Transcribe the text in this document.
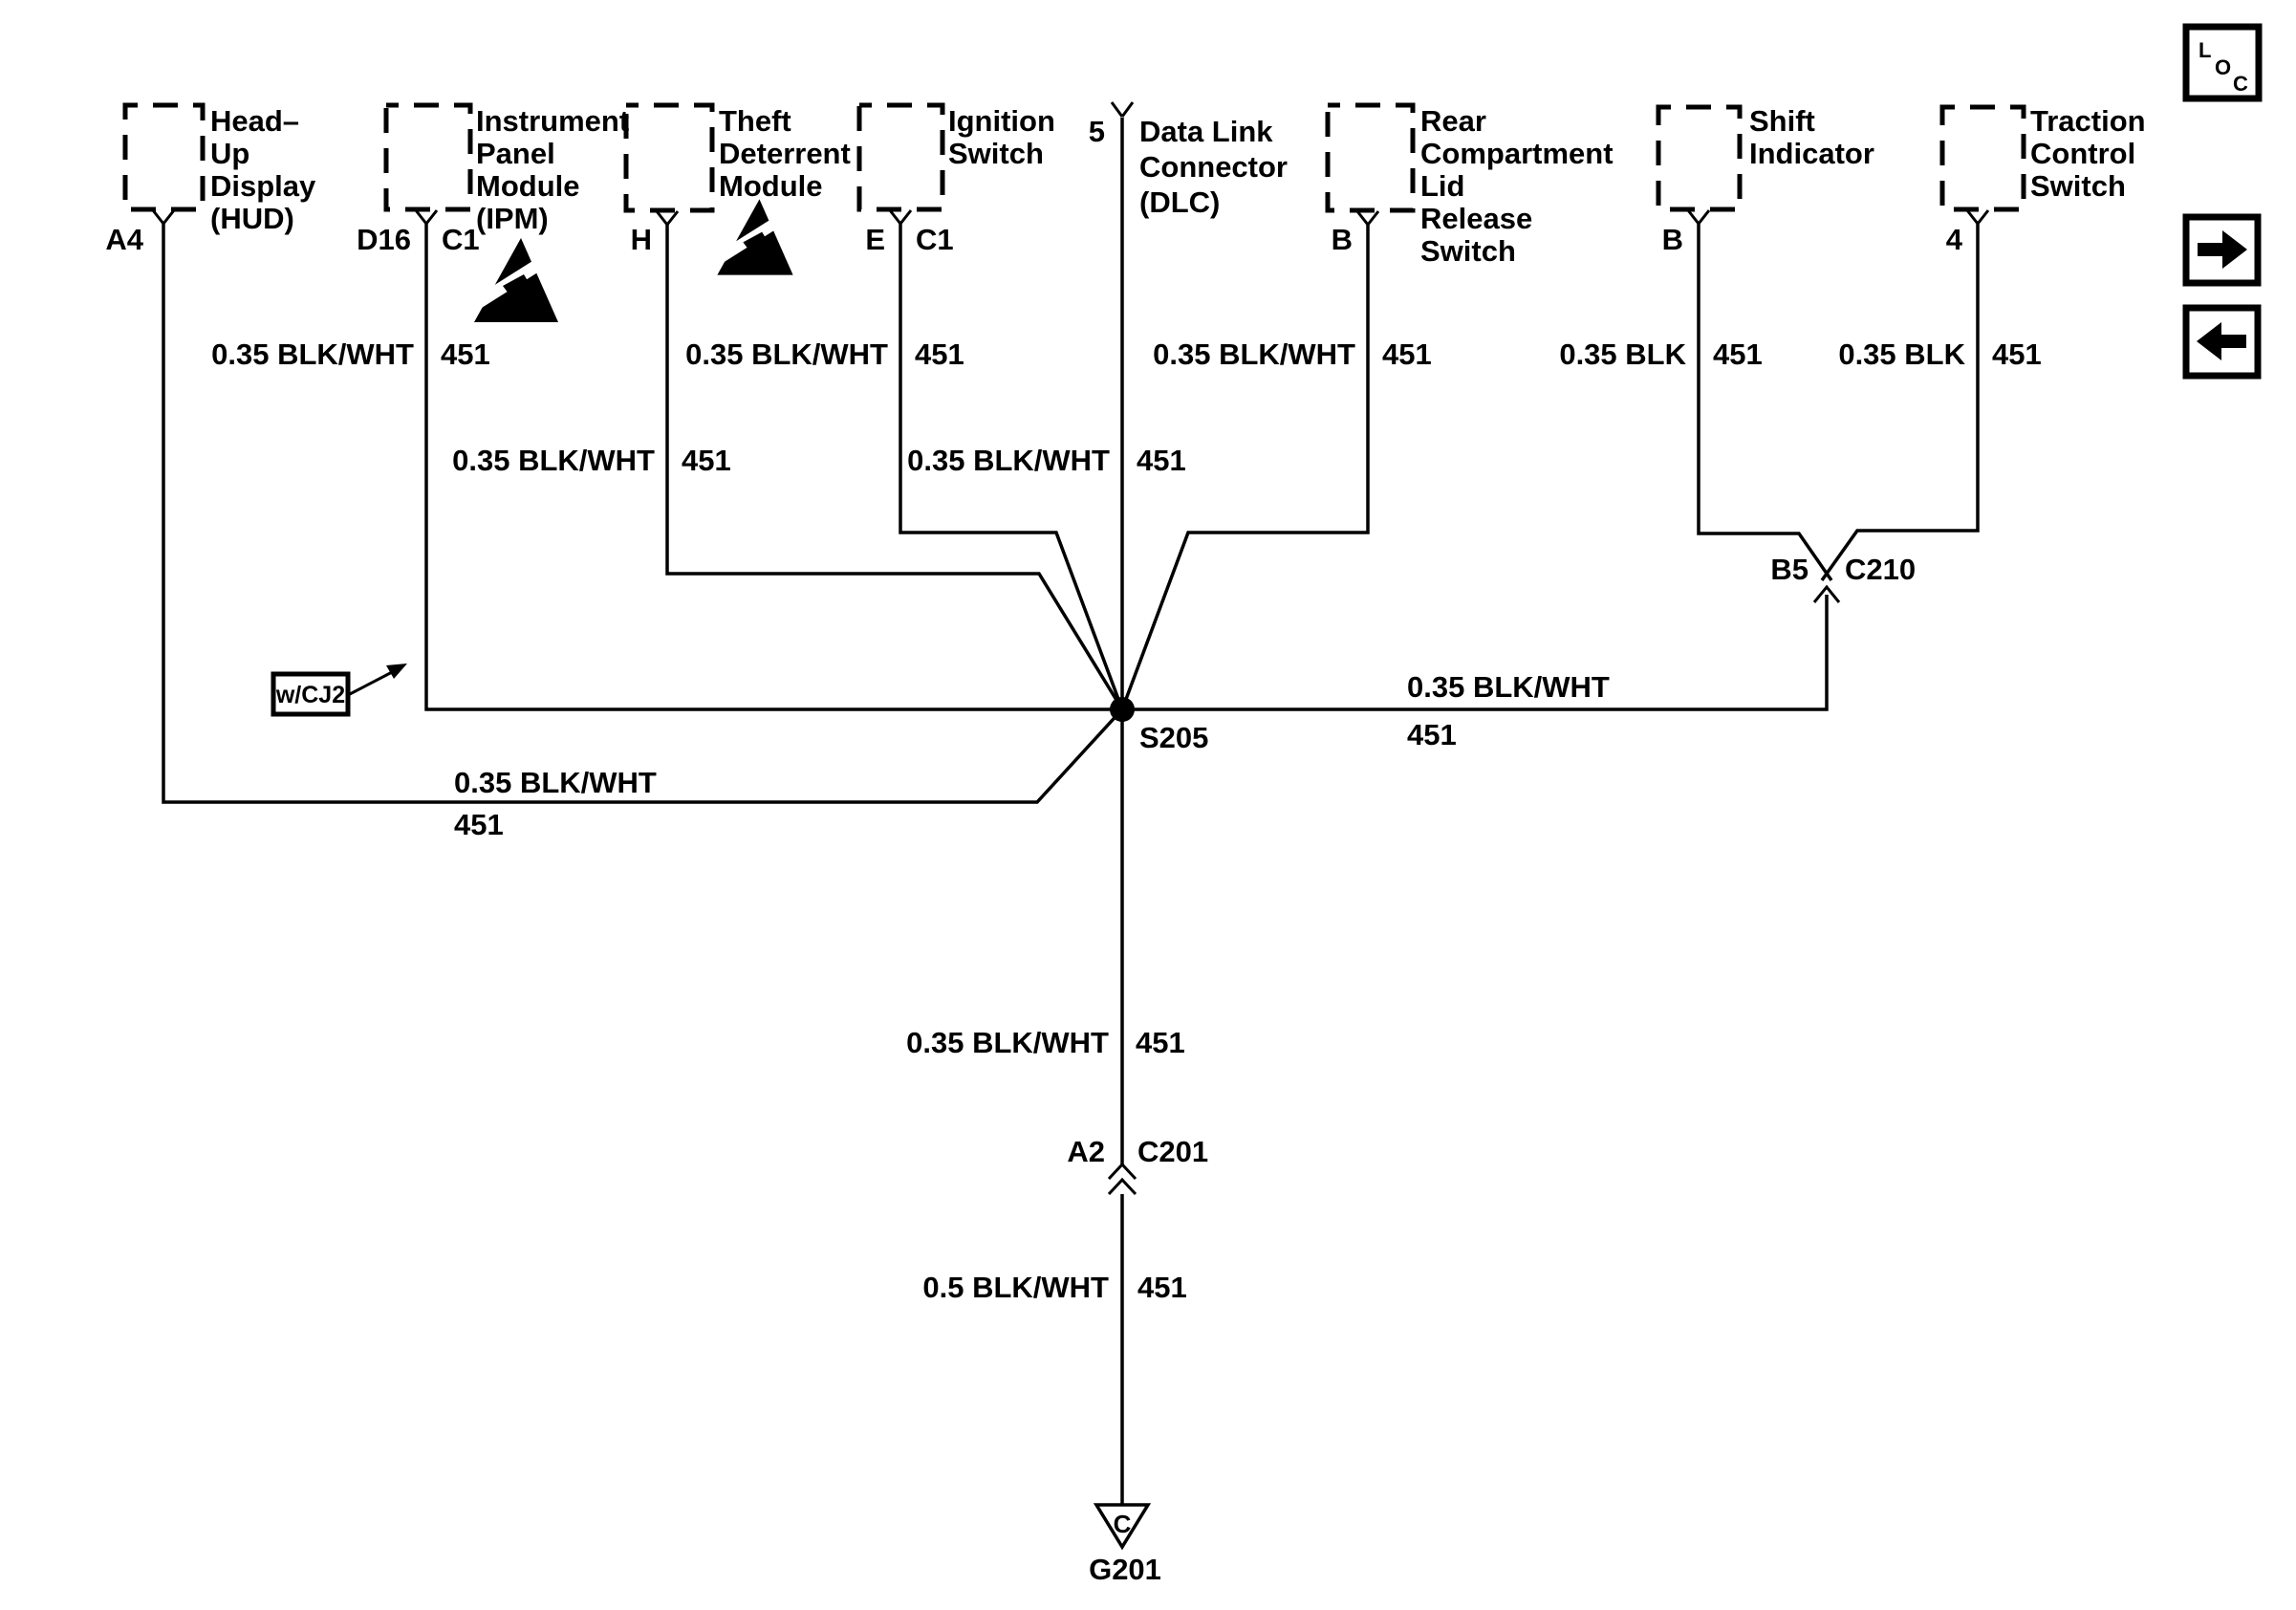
C
G201
Head–
Up
Display
(HUD)
Instrument
Panel
Module
(IPM)
Theft
Deterrent
Module
Ignition
Switch
Data Link
Connector
(DLC)
Rear
Compartment
Lid
Release
Switch
Shift
Indicator
Traction
Control
Switch
A4	D16 C1	H	E C1
5
B	B	4
0.35 BLK/WHT 451	0.35 BLK/WHT 451	0.35 BLK/WHT 451	0.35 BLK 451	0.35 BLK 451
0.35 BLK/WHT 451	0.35 BLK/WHT 451
0.35 BLK/WHT
451
0.35 BLK/WHT
451
0.35 BLK/WHT 451
0.5 BLK/WHT 451
S205
B5 C210
A2 C201
w/CJ2
L
O
C
